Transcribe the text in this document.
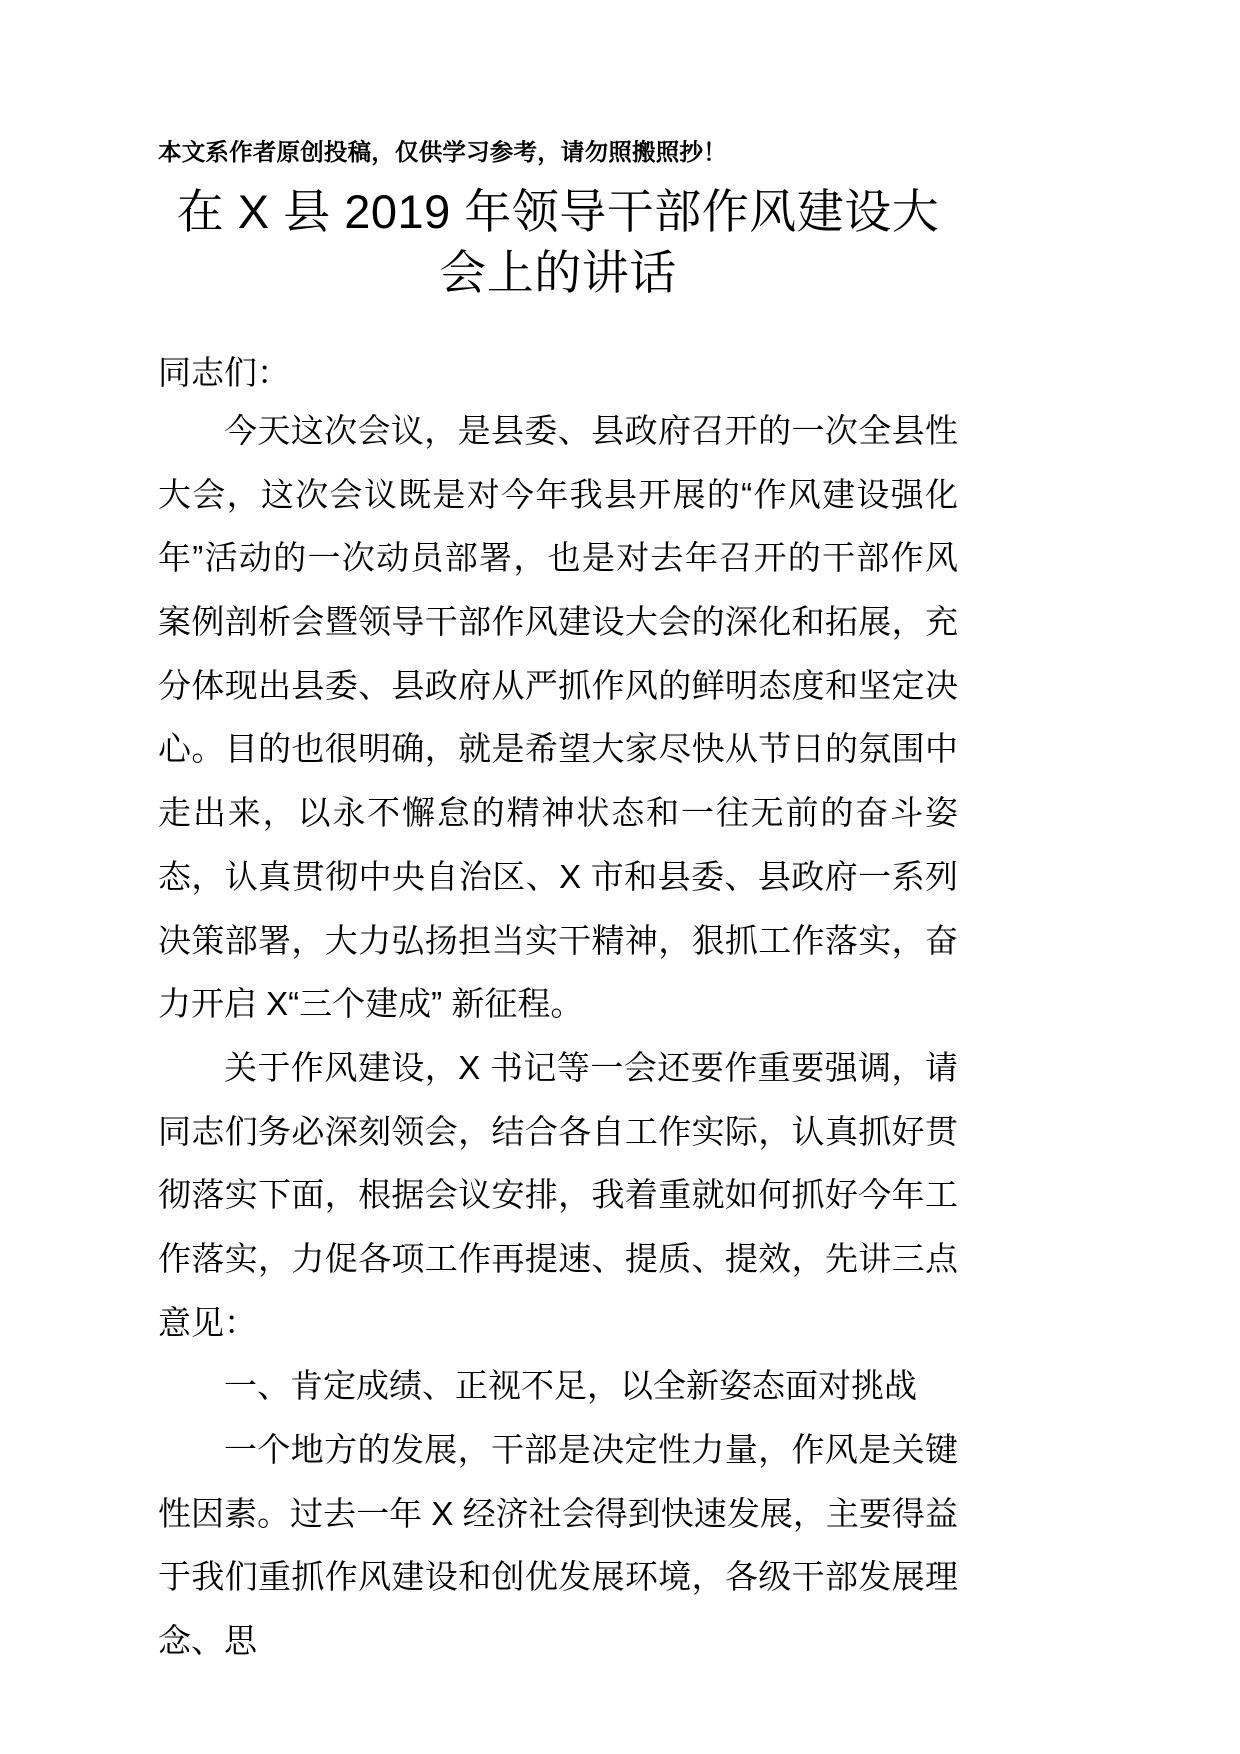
本文系作者原创投稿，仅供学习参考，请勿照搬照抄！
在 X 县 2019 年领导干部作风建设大会上的讲话
同志们：

今天这次会议，是县委、县政府召开的一次全县性大会，这次会议既是对今年我县开展的“作风建设强化年”活动的一次动员部署，也是对去年召开的干部作风案例剖析会暨领导干部作风建设大会的深化和拓展，充分体现出县委、县政府从严抓作风的鲜明态度和坚定决心。目的也很明确，就是希望大家尽快从节日的氛围中走出来，以永不懈怠的精神状态和一往无前的奋斗姿态，认真贯彻中央自治区、X 市和县委、县政府一系列决策部署，大力弘扬担当实干精神，狠抓工作落实，奋力开启 X“三个建成” 新征程。

关于作风建设，X 书记等一会还要作重要强调，请同志们务必深刻领会，结合各自工作实际，认真抓好贯彻落实下面，根据会议安排，我着重就如何抓好今年工作落实，力促各项工作再提速、提质、提效，先讲三点意见：

一、肯定成绩、正视不足，以全新姿态面对挑战

一个地方的发展，干部是决定性力量，作风是关键性因素。过去一年 X 经济社会得到快速发展，主要得益于我们重抓作风建设和创优发展环境，各级干部发展理念、思
